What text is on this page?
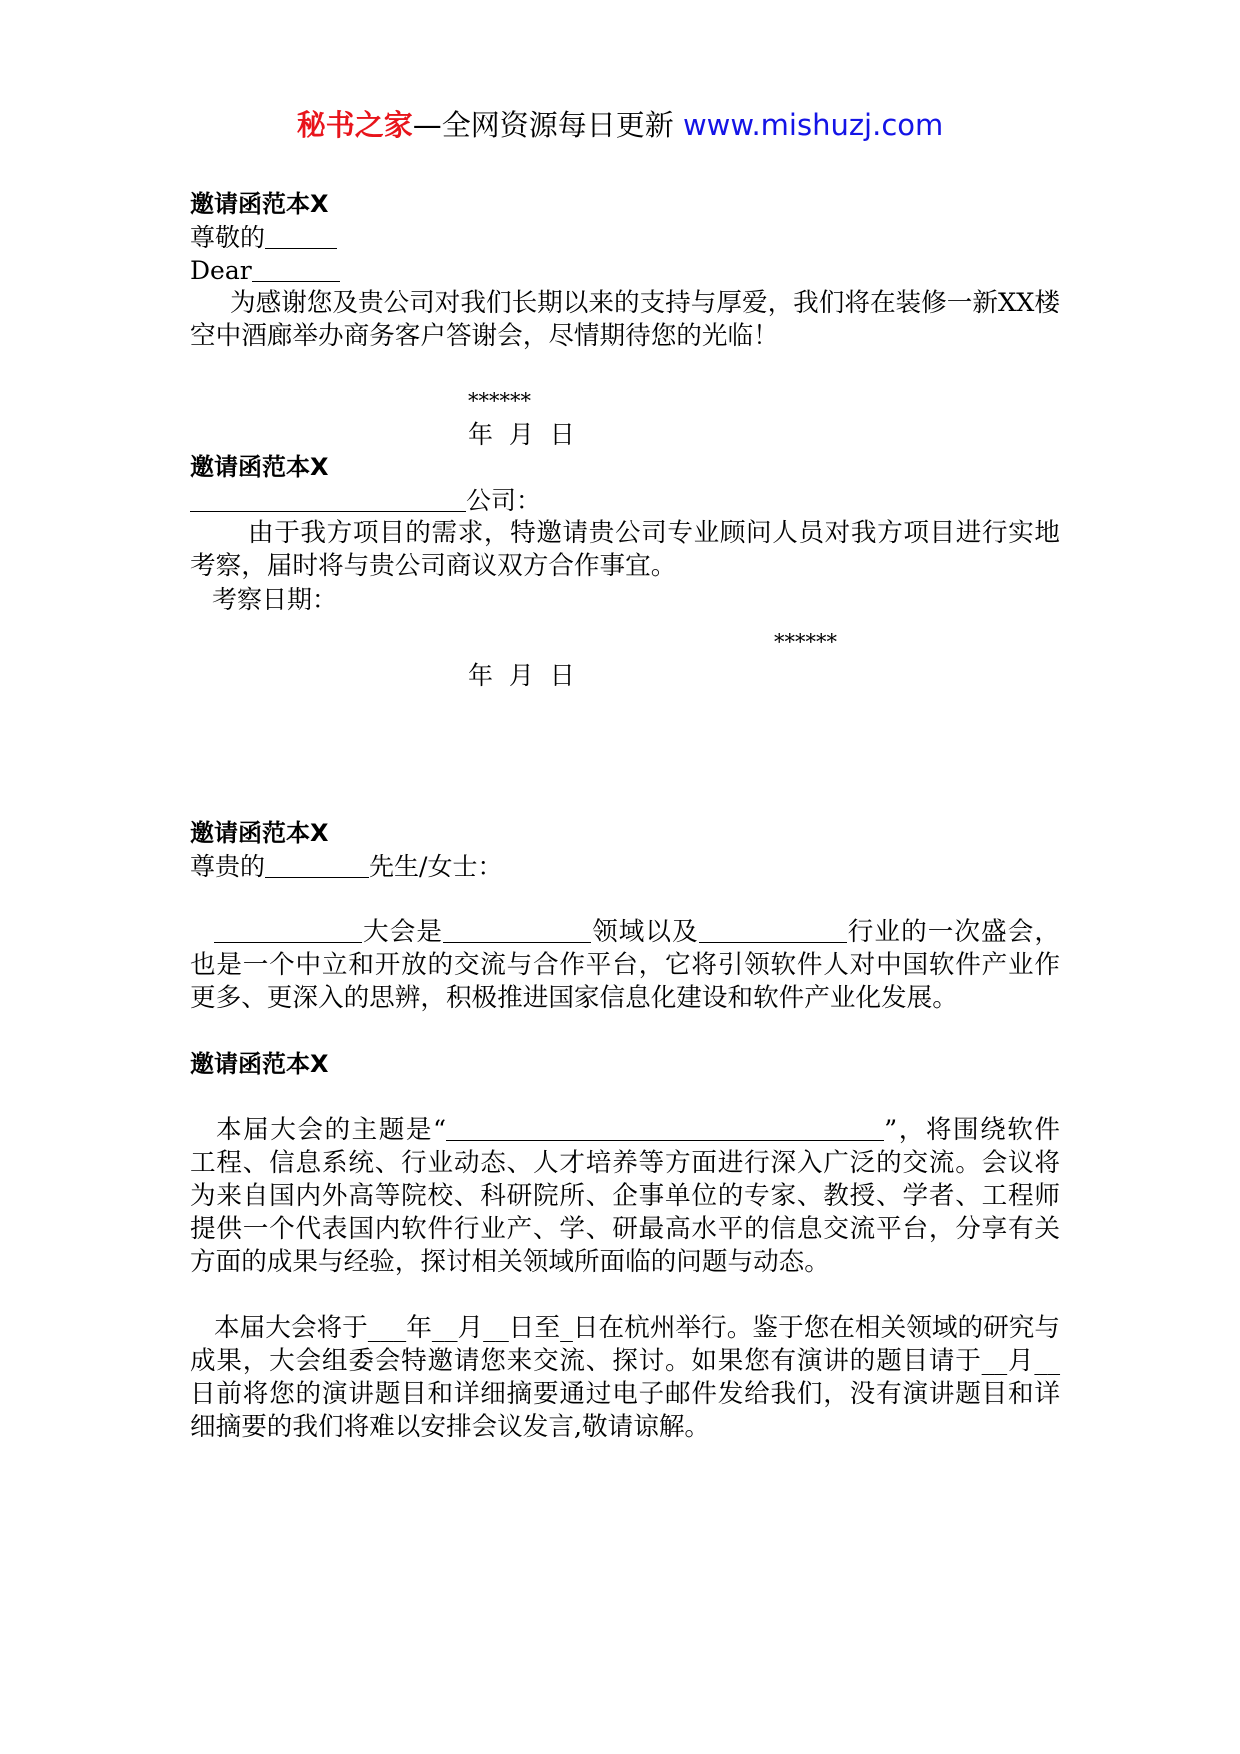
秘书之家—全网资源每日更新 www.mishuzj.com
邀请函范本X
尊敬的
Dear

为感谢您及贵公司对我们长期以来的支持与厚爱，我们将在装修一新XX楼空中酒廊举办商务客户答谢会，尽情期待您的光临！

******
年  月  日
邀请函范本X
公司：

由于我方项目的需求，特邀请贵公司专业顾问人员对我方项目进行实地考察，届时将与贵公司商议双方合作事宜。

考察日期：
******
年  月  日
邀请函范本X
尊贵的	先生/女士：

大会是	领域以及	行业的一次盛会，也是一个中立和开放的交流与合作平台，它将引领软件人对中国软件产业作更多、更深入的思辨，积极推进国家信息化建设和软件产业化发展。

邀请函范本X

本届大会的主题是“	”，将围绕软件工程、信息系统、行业动态、人才培养等方面进行深入广泛的交流。会议将为来自国内外高等院校、科研院所、企事单位的专家、教授、学者、工程师提供一个代表国内软件行业产、学、研最高水平的信息交流平台，分享有关方面的成果与经验，探讨相关领域所面临的问题与动态。

本届大会将于___年__月__日至_日在杭州举行。鉴于您在相关领域的研究与成果，大会组委会特邀请您来交流、探讨。如果您有演讲的题目请于__月__日前将您的演讲题目和详细摘要通过电子邮件发给我们，没有演讲题目和详细摘要的我们将难以安排会议发言,敬请谅解。
